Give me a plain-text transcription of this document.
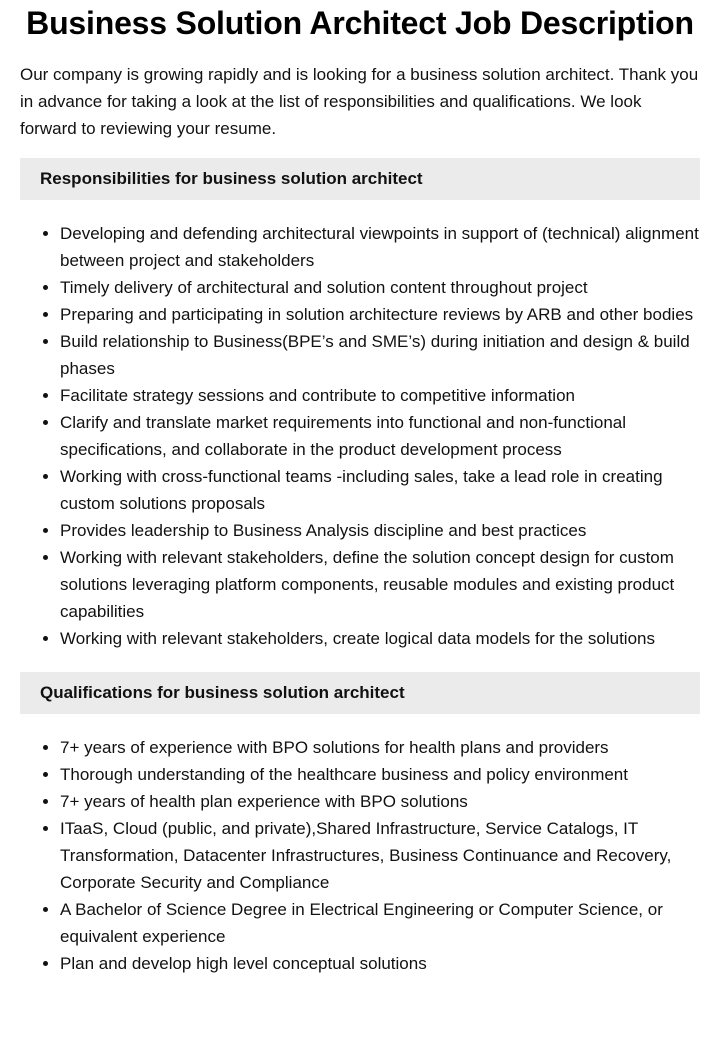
Business Solution Architect Job Description

Our company is growing rapidly and is looking for a business solution architect. Thank you in advance for taking a look at the list of responsibilities and qualifications. We look forward to reviewing your resume.

Responsibilities for business solution architect
• Developing and defending architectural viewpoints in support of (technical) alignment between project and stakeholders
• Timely delivery of architectural and solution content throughout project
• Preparing and participating in solution architecture reviews by ARB and other bodies
• Build relationship to Business(BPE’s and SME’s) during initiation and design & build phases
• Facilitate strategy sessions and contribute to competitive information
• Clarify and translate market requirements into functional and non-functional specifications, and collaborate in the product development process
• Working with cross-functional teams -including sales, take a lead role in creating custom solutions proposals
• Provides leadership to Business Analysis discipline and best practices
• Working with relevant stakeholders, define the solution concept design for custom solutions leveraging platform components, reusable modules and existing product capabilities
• Working with relevant stakeholders, create logical data models for the solutions
Qualifications for business solution architect
• 7+ years of experience with BPO solutions for health plans and providers
• Thorough understanding of the healthcare business and policy environment
• 7+ years of health plan experience with BPO solutions
• ITaaS, Cloud (public, and private),Shared Infrastructure, Service Catalogs, IT Transformation, Datacenter Infrastructures, Business Continuance and Recovery, Corporate Security and Compliance
• A Bachelor of Science Degree in Electrical Engineering or Computer Science, or equivalent experience
• Plan and develop high level conceptual solutions
